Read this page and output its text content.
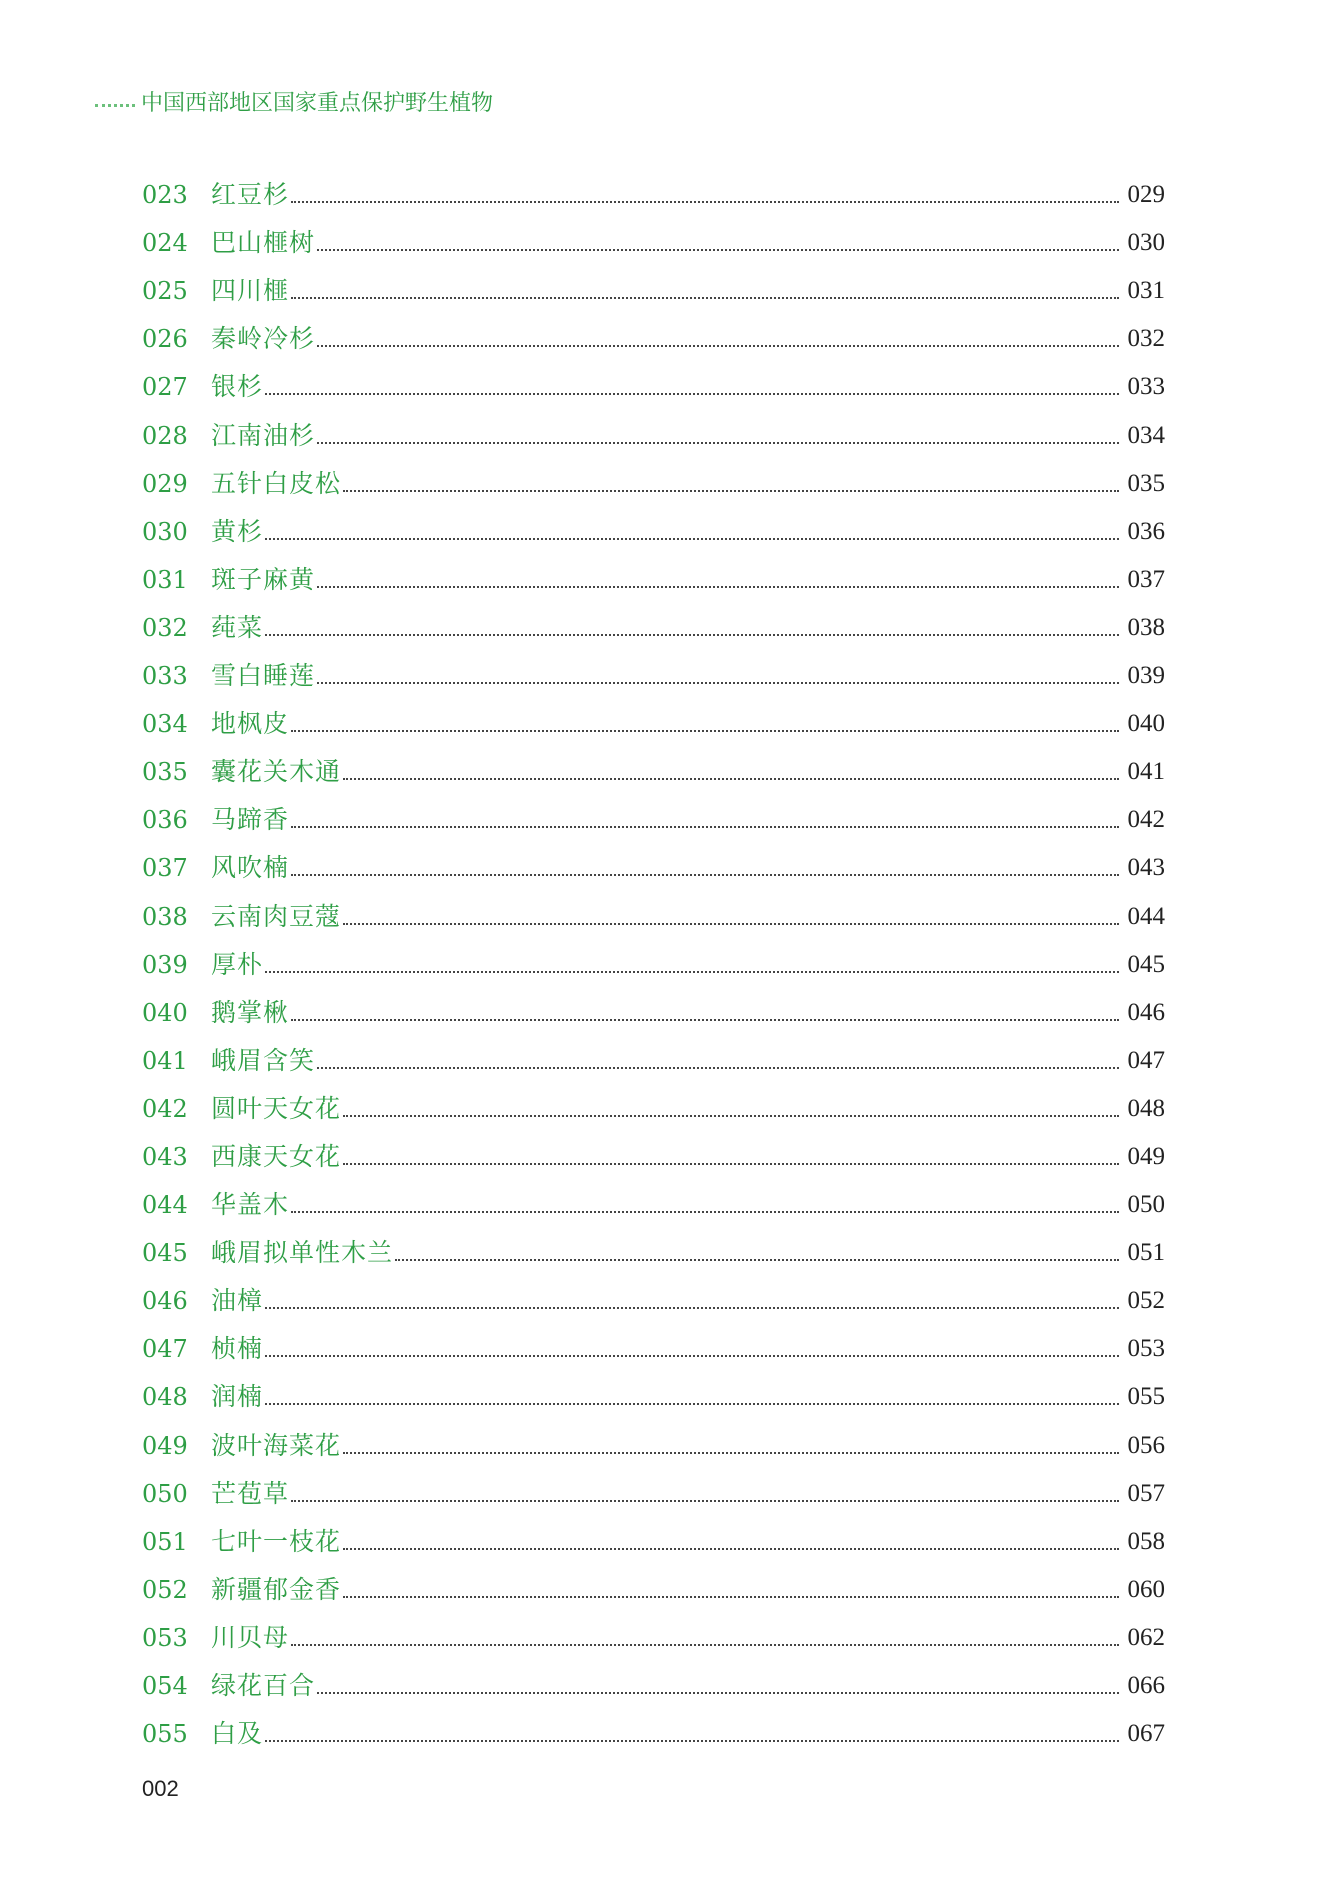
中国西部地区国家重点保护野生植物
023 红豆杉	029
024 巴山榧树	030
025 四川榧	031
026 秦岭冷杉	032
027 银杉	033
028 江南油杉	034
029 五针白皮松	035
030 黄杉	036
031 斑子麻黄	037
032 莼菜	038
033 雪白睡莲	039
034 地枫皮	040
035 囊花关木通	041
036 马蹄香	042
037 风吹楠	043
038 云南肉豆蔻	044
039 厚朴	045
040 鹅掌楸	046
041 峨眉含笑	047
042 圆叶天女花	048
043 西康天女花	049
044 华盖木	050
045 峨眉拟单性木兰	051
046 油樟	052
047 桢楠	053
048 润楠	055
049 波叶海菜花	056
050 芒苞草	057
051 七叶一枝花	058
052 新疆郁金香	060
053 川贝母	062
054 绿花百合	066
055 白及	067
002
